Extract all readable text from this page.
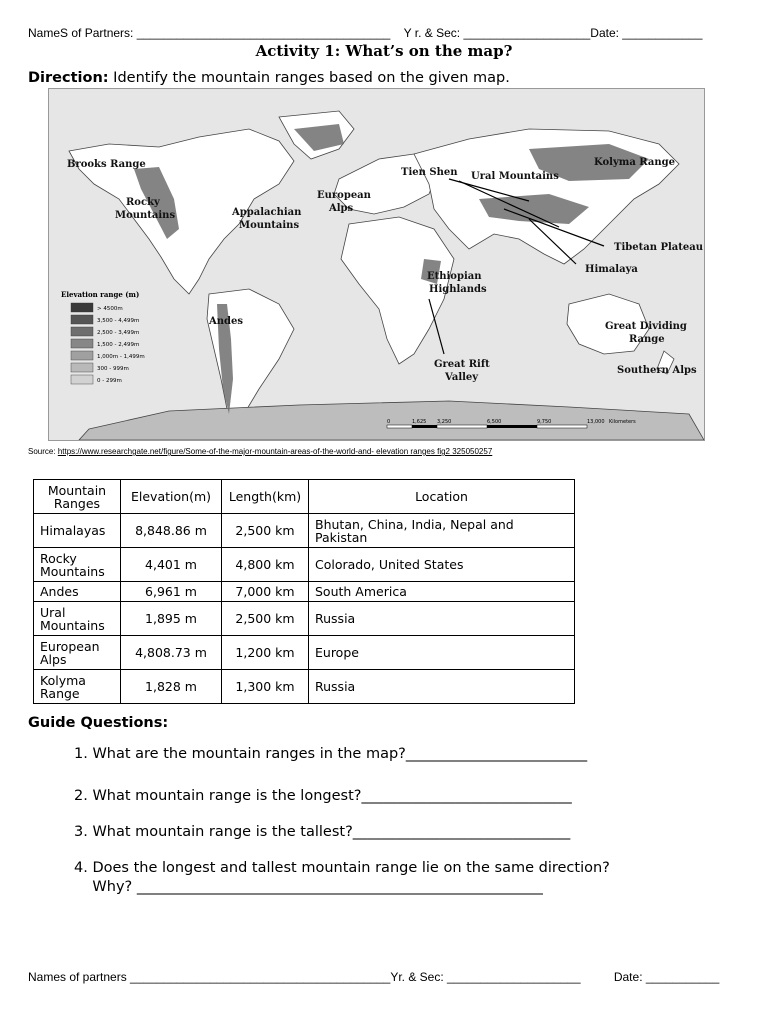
NameS of Partners: ______________________________________ Y r. & Sec: ___________________Date: ____________
Activity 1: What’s on the map?
Direction: Identify the mountain ranges based on the given map.
Brooks Range
Rocky
Mountains	Appalachian
Mountains
European
Alps
Tien Shen Ural Mountains
Kolyma Range
Tibetan Plateau
Himalaya
Ethiopian
Highlands
Andes
Great Rift
Valley
Great Dividing
Range
Southern Alps
Elevation range (m)
> 4500m
3,500 - 4,499m
2,500 - 3,499m
1,500 - 2,499m
1,000m - 1,499m
300 - 999m
0 - 299m
0	1,625 3,250	6,500	9,750	13,000 Kilometers
Source: https://www.researchgate.net/figure/Some-of-the-major-mountain-areas-of-the-world-and- elevation ranges fig2 325050257
Mountain Ranges	Elevation(m)	Length(km)	Location
Himalayas	8,848.86 m	2,500 km	Bhutan, China, India, Nepal and Pakistan
Rocky Mountains	4,401 m	4,800 km	Colorado, United States
Andes	6,961 m	7,000 km	South America
Ural Mountains	1,895 m	2,500 km	Russia
European Alps	4,808.73 m	1,200 km	Europe
Kolyma Range	1,828 m	1,300 km	Russia
Guide Questions:
1. What are the mountain ranges in the map?_________________________
2. What mountain range is the longest?_____________________________
3. What mountain range is the tallest?______________________________
4. Does the longest and tallest mountain range lie on the same direction?
Why? ________________________________________________________
Names of partners _______________________________________Yr. & Sec: ____________________	Date: ___________
